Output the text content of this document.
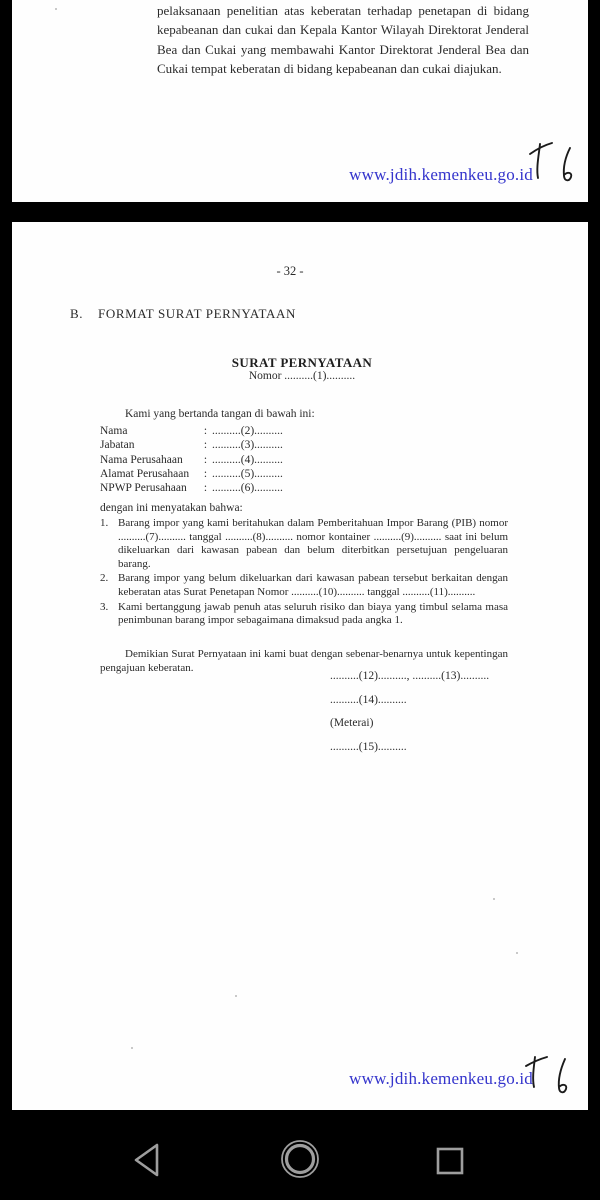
pelaksanaan penelitian atas keberatan terhadap penetapan di bidang kepabeanan dan cukai dan Kepala Kantor Wilayah Direktorat Jenderal Bea dan Cukai yang membawahi Kantor Direktorat Jenderal Bea dan Cukai tempat keberatan di bidang kepabeanan dan cukai diajukan.
www.jdih.kemenkeu.go.id
- 32 -
B.	FORMAT SURAT PERNYATAAN
SURAT PERNYATAAN
Nomor ..........(1)..........
Kami yang bertanda tangan di bawah ini:
Nama	: ..........(2)..........
Jabatan	: ..........(3)..........
Nama Perusahaan	: ..........(4)..........
Alamat Perusahaan	: ..........(5)..........
NPWP Perusahaan	: ..........(6)..........
dengan ini menyatakan bahwa:
1. Barang impor yang kami beritahukan dalam Pemberitahuan Impor Barang (PIB) nomor ..........(7).......... tanggal ..........(8).......... nomor kontainer ..........(9).......... saat ini belum dikeluarkan dari kawasan pabean dan belum diterbitkan persetujuan pengeluaran barang.
2. Barang impor yang belum dikeluarkan dari kawasan pabean tersebut berkaitan dengan keberatan atas Surat Penetapan Nomor ..........(10).......... tanggal ..........(11)..........
3. Kami bertanggung jawab penuh atas seluruh risiko dan biaya yang timbul selama masa penimbunan barang impor sebagaimana dimaksud pada angka 1.
Demikian Surat Pernyataan ini kami buat dengan sebenar-benarnya untuk kepentingan pengajuan keberatan.
..........(12).........., ..........(13)..........
..........(14)..........
(Meterai)
..........(15)..........
www.jdih.kemenkeu.go.id
